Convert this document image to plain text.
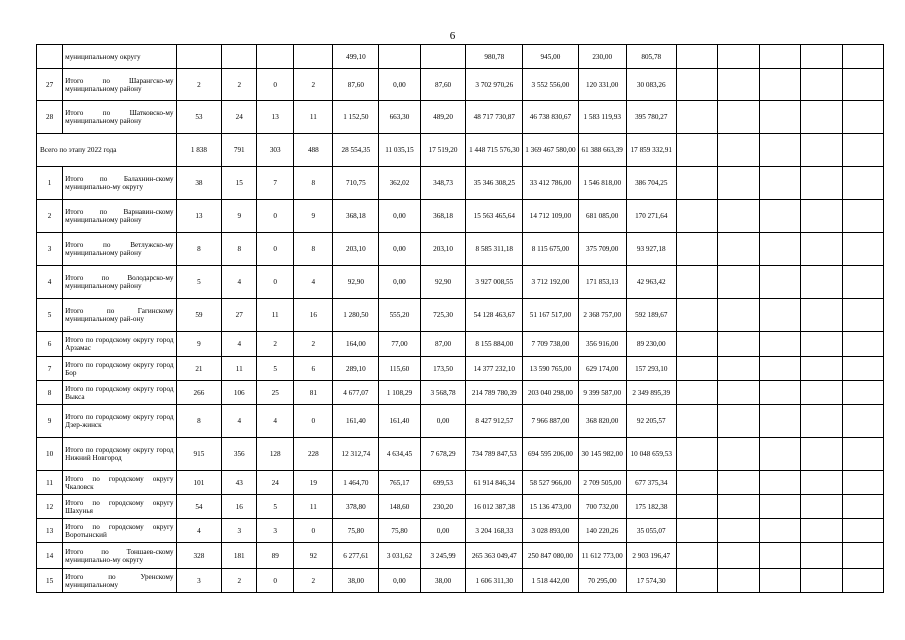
6
	муниципальному округу					499,10			980,78	945,00	230,00	805,78					
27	Итого по Шарангско-му муниципальному району	2	2	0	2	87,60	0,00	87,60	3 702 970,26	3 552 556,00	120 331,00	30 083,26					
28	Итого по Шатковско-му муниципальному району	53	24	13	11	1 152,50	663,30	489,20	48 717 730,87	46 738 830,67	1 583 119,93	395 780,27					
Всего по этапу 2022 года		1 838	791	303	488	28 554,35	11 035,15	17 519,20	1 448 715 576,30	1 369 467 580,00	61 388 663,39	17 859 332,91					
1	Итого по Балахнин-скому муниципально-му округу	38	15	7	8	710,75	362,02	348,73	35 346 308,25	33 412 786,00	1 546 818,00	386 704,25					
2	Итого по Варнавин-скому муниципальному району	13	9	0	9	368,18	0,00	368,18	15 563 465,64	14 712 109,00	681 085,00	170 271,64					
3	Итого по Ветлужско-му муниципальному району	8	8	0	8	203,10	0,00	203,10	8 585 311,18	8 115 675,00	375 709,00	93 927,18					
4	Итого по Володарско-му муниципальному району	5	4	0	4	92,90	0,00	92,90	3 927 008,55	3 712 192,00	171 853,13	42 963,42					
5	Итого по Гагинскому муниципальному рай-ону	59	27	11	16	1 280,50	555,20	725,30	54 128 463,67	51 167 517,00	2 368 757,00	592 189,67					
6	Итого по городскому округу город Арзамас	9	4	2	2	164,00	77,00	87,00	8 155 884,00	7 709 738,00	356 916,00	89 230,00					
7	Итого по городскому округу город Бор	21	11	5	6	289,10	115,60	173,50	14 377 232,10	13 590 765,00	629 174,00	157 293,10					
8	Итого по городскому округу город Выкса	266	106	25	81	4 677,07	1 108,29	3 568,78	214 789 780,39	203 040 298,00	9 399 587,00	2 349 895,39					
9	Итого по городскому округу город Дзер-жинск	8	4	4	0	161,40	161,40	0,00	8 427 912,57	7 966 887,00	368 820,00	92 205,57					
10	Итого по городскому округу город Нижний Новгород	915	356	128	228	12 312,74	4 634,45	7 678,29	734 789 847,53	694 595 206,00	30 145 982,00	10 048 659,53					
11	Итого по городскому округу Чкаловск	101	43	24	19	1 464,70	765,17	699,53	61 914 846,34	58 527 966,00	2 709 505,00	677 375,34					
12	Итого по городскому округу Шахунья	54	16	5	11	378,80	148,60	230,20	16 012 387,38	15 136 473,00	700 732,00	175 182,38					
13	Итого по городскому округу Воротынский	4	3	3	0	75,80	75,80	0,00	3 204 168,33	3 028 893,00	140 220,26	35 055,07					
14	Итого по Тоншаев-скому муниципально-му округу	328	181	89	92	6 277,61	3 031,62	3 245,99	265 363 049,47	250 847 080,00	11 612 773,00	2 903 196,47					
15	Итого по Уренскому муниципальному	3	2	0	2	38,00	0,00	38,00	1 606 311,30	1 518 442,00	70 295,00	17 574,30					
